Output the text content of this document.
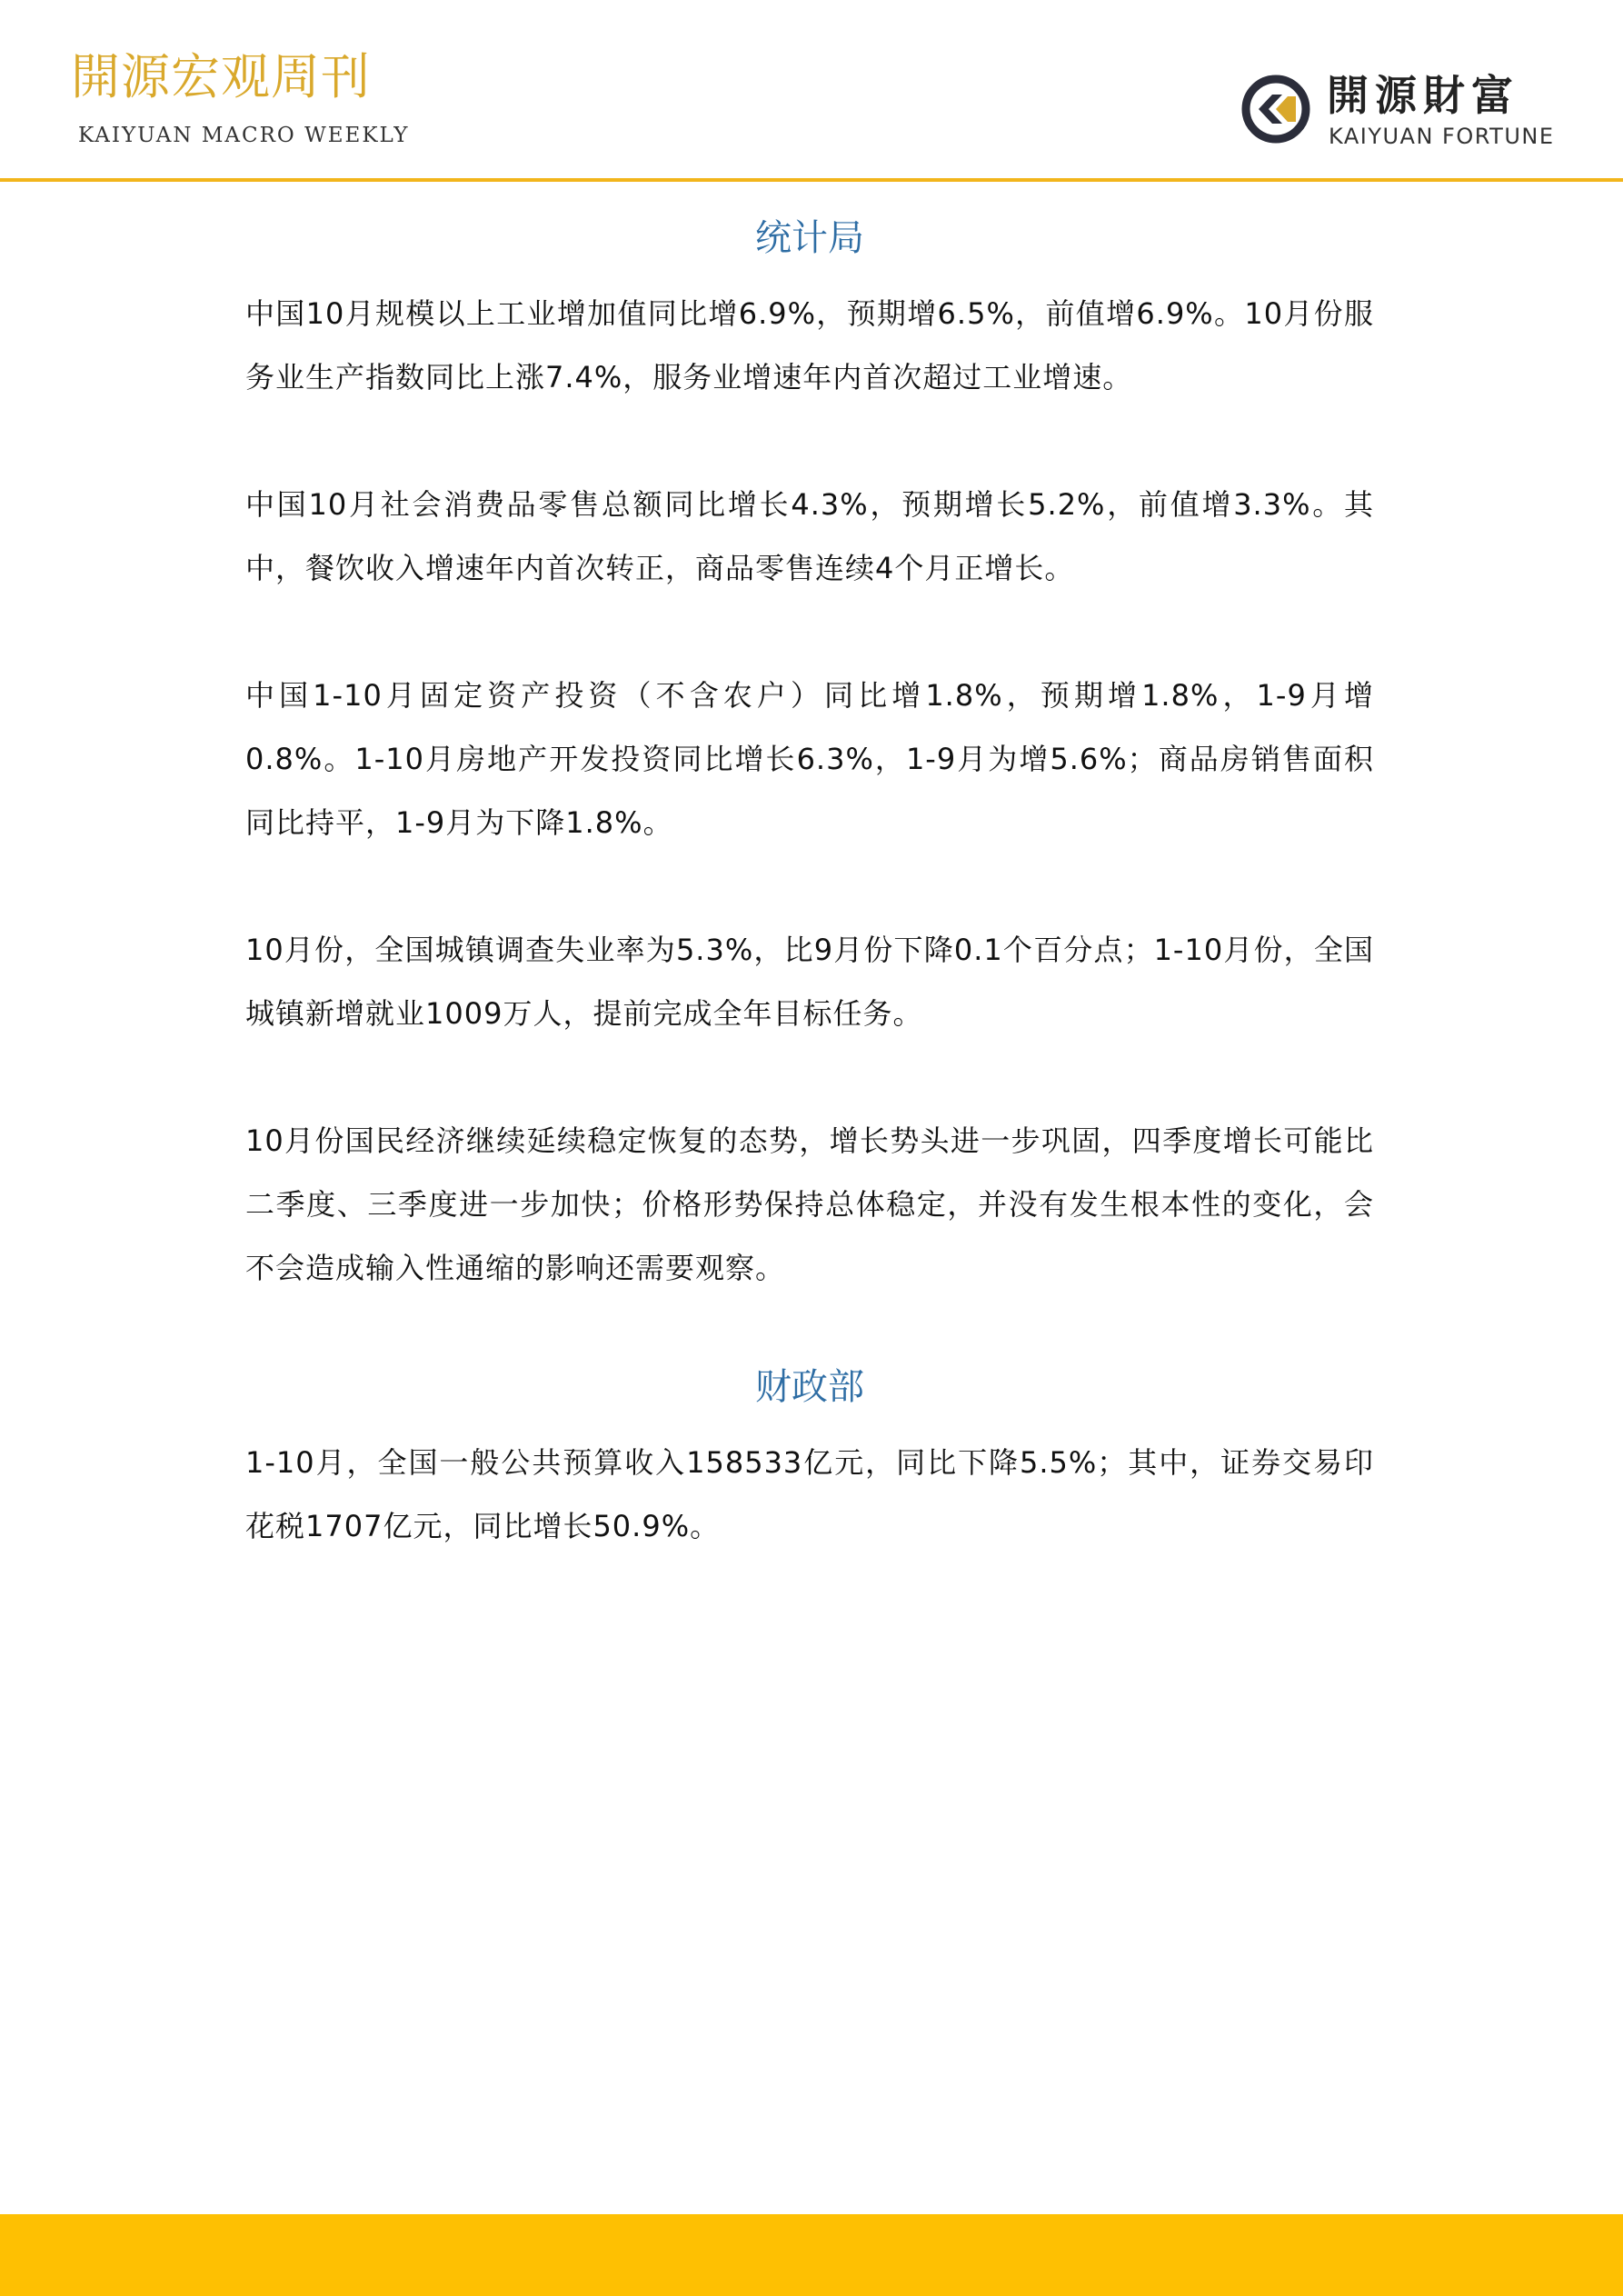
開源宏观周刊
KAIYUAN MACRO WEEKLY
開源財富
KAIYUAN FORTUNE
统计局

中国10月规模以上工业增加值同比增6.9%，预期增6.5%，前值增6.9%。10月份服务业生产指数同比上涨7.4%，服务业增速年内首次超过工业增速。

中国10月社会消费品零售总额同比增长4.3%，预期增长5.2%，前值增3.3%。其中，餐饮收入增速年内首次转正，商品零售连续4个月正增长。

中国1-10月固定资产投资（不含农户）同比增1.8%，预期增1.8%，1-9月增0.8%。1-10月房地产开发投资同比增长6.3%，1-9月为增5.6%；商品房销售面积同比持平，1-9月为下降1.8%。

10月份，全国城镇调查失业率为5.3%，比9月份下降0.1个百分点；1-10月份，全国城镇新增就业1009万人，提前完成全年目标任务。

10月份国民经济继续延续稳定恢复的态势，增长势头进一步巩固，四季度增长可能比二季度、三季度进一步加快；价格形势保持总体稳定，并没有发生根本性的变化，会不会造成输入性通缩的影响还需要观察。

财政部

1-10月，全国一般公共预算收入158533亿元，同比下降5.5%；其中，证券交易印花税1707亿元，同比增长50.9%。
